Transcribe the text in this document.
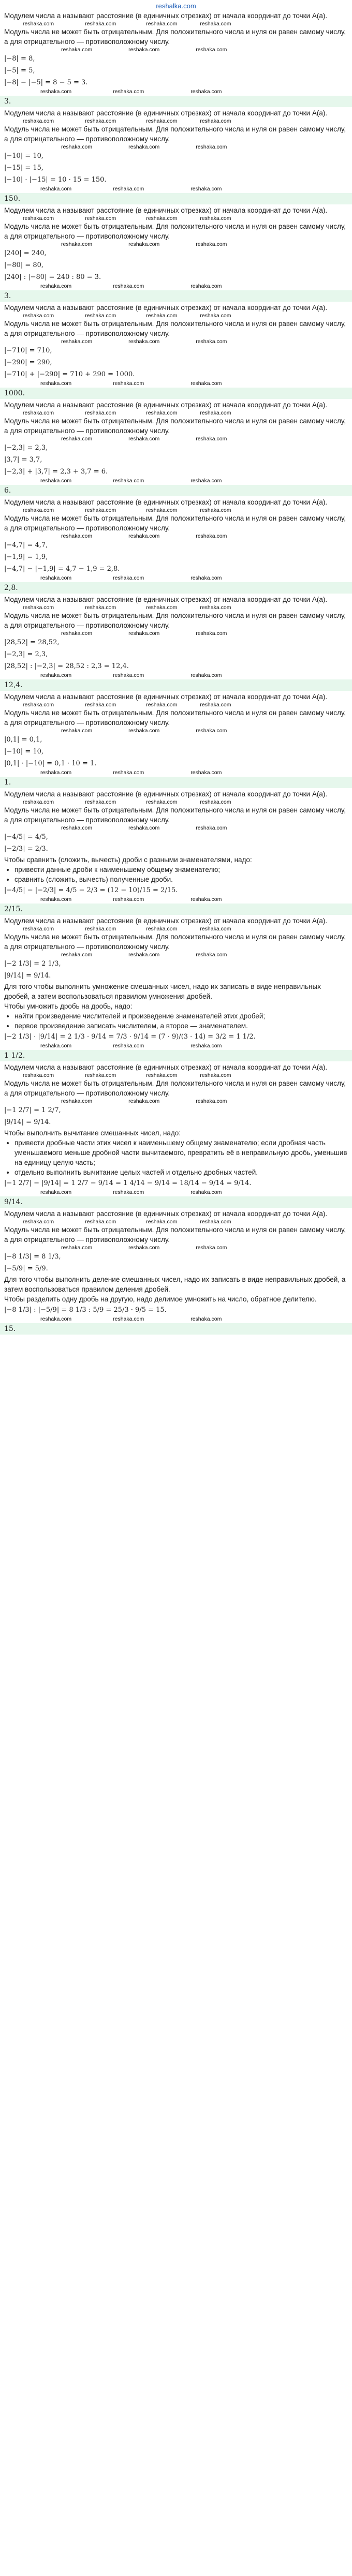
reshalka.com

Модулем числа a называют расстояние (в единичных отрезках) от начала координат до точки A(a).

reshaka.com	reshaka.com	reshaka.com	reshaka.com

Модуль числа не может быть отрицательным. Для положительного числа и нуля он равен самому числу, а для отрицательного — противоположному числу.

reshaka.com	reshaka.com	reshaka.com

|−8| = 8,

|−5| = 5,

|−8| − |−5| = 8 − 5 = 3.

reshaka.com	reshaka.com	reshaka.com
3.

Модулем числа a называют расстояние (в единичных отрезках) от начала координат до точки A(a).

reshaka.com	reshaka.com	reshaka.com	reshaka.com

Модуль числа не может быть отрицательным. Для положительного числа и нуля он равен самому числу, а для отрицательного — противоположному числу.

reshaka.com	reshaka.com	reshaka.com

|−10| = 10,

|−15| = 15,

|−10| · |−15| = 10 · 15 = 150.

reshaka.com	reshaka.com	reshaka.com
150.

Модулем числа a называют расстояние (в единичных отрезках) от начала координат до точки A(a).

reshaka.com	reshaka.com	reshaka.com	reshaka.com

Модуль числа не может быть отрицательным. Для положительного числа и нуля он равен самому числу, а для отрицательного — противоположному числу.

reshaka.com	reshaka.com	reshaka.com

|240| = 240,

|−80| = 80,

|240| : |−80| = 240 : 80 = 3.

reshaka.com	reshaka.com	reshaka.com
3.

Модулем числа a называют расстояние (в единичных отрезках) от начала координат до точки A(a).

reshaka.com	reshaka.com	reshaka.com	reshaka.com

Модуль числа не может быть отрицательным. Для положительного числа и нуля он равен самому числу, а для отрицательного — противоположному числу.

reshaka.com	reshaka.com	reshaka.com

|−710| = 710,

|−290| = 290,

|−710| + |−290| = 710 + 290 = 1000.

reshaka.com	reshaka.com	reshaka.com
1000.

Модулем числа a называют расстояние (в единичных отрезках) от начала координат до точки A(a).

reshaka.com	reshaka.com	reshaka.com	reshaka.com

Модуль числа не может быть отрицательным. Для положительного числа и нуля он равен самому числу, а для отрицательного — противоположному числу.

reshaka.com	reshaka.com	reshaka.com

|−2,3| = 2,3,

|3,7| = 3,7,

|−2,3| + |3,7| = 2,3 + 3,7 = 6.

reshaka.com	reshaka.com	reshaka.com
6.

Модулем числа a называют расстояние (в единичных отрезках) от начала координат до точки A(a).

reshaka.com	reshaka.com	reshaka.com	reshaka.com

Модуль числа не может быть отрицательным. Для положительного числа и нуля он равен самому числу, а для отрицательного — противоположному числу.

reshaka.com	reshaka.com	reshaka.com

|−4,7| = 4,7,

|−1,9| = 1,9,

|−4,7| − |−1,9| = 4,7 − 1,9 = 2,8.

reshaka.com	reshaka.com	reshaka.com
2,8.

Модулем числа a называют расстояние (в единичных отрезках) от начала координат до точки A(a).

reshaka.com	reshaka.com	reshaka.com	reshaka.com

Модуль числа не может быть отрицательным. Для положительного числа и нуля он равен самому числу, а для отрицательного — противоположному числу.

reshaka.com	reshaka.com	reshaka.com

|28,52| = 28,52,

|−2,3| = 2,3,

|28,52| : |−2,3| = 28,52 : 2,3 = 12,4.

reshaka.com	reshaka.com	reshaka.com
12,4.

Модулем числа a называют расстояние (в единичных отрезках) от начала координат до точки A(a).

reshaka.com	reshaka.com	reshaka.com	reshaka.com

Модуль числа не может быть отрицательным. Для положительного числа и нуля он равен самому числу, а для отрицательного — противоположному числу.

reshaka.com	reshaka.com	reshaka.com

|0,1| = 0,1,

|−10| = 10,

|0,1| · |−10| = 0,1 · 10 = 1.

reshaka.com	reshaka.com	reshaka.com
1.

Модулем числа a называют расстояние (в единичных отрезках) от начала координат до точки A(a).

reshaka.com	reshaka.com	reshaka.com	reshaka.com

Модуль числа не может быть отрицательным. Для положительного числа и нуля он равен самому числу, а для отрицательного — противоположному числу.

reshaka.com	reshaka.com	reshaka.com

|−4/5| = 4/5,

|−2/3| = 2/3.

Чтобы сравнить (сложить, вычесть) дроби с разными знаменателями, надо:

• привести данные дроби к наименьшему общему знаменателю;
• сравнить (сложить, вычесть) полученные дроби.

|−4/5| − |−2/3| = 4/5 − 2/3 = (12 − 10)/15 = 2/15.

reshaka.com	reshaka.com	reshaka.com
2/15.

Модулем числа a называют расстояние (в единичных отрезках) от начала координат до точки A(a).

reshaka.com	reshaka.com	reshaka.com	reshaka.com

Модуль числа не может быть отрицательным. Для положительного числа и нуля он равен самому числу, а для отрицательного — противоположному числу.

reshaka.com	reshaka.com	reshaka.com

|−2 1/3| = 2 1/3,

|9/14| = 9/14.

Для того чтобы выполнить умножение смешанных чисел, надо их записать в виде неправильных дробей, а затем воспользоваться правилом умножения дробей.

Чтобы умножить дробь на дробь, надо:

• найти произведение числителей и произведение знаменателей этих дробей;
• первое произведение записать числителем, а второе — знаменателем.

|−2 1/3| · |9/14| = 2 1/3 · 9/14 = 7/3 · 9/14 = (7 · 9)/(3 · 14) = 3/2 = 1 1/2.

reshaka.com	reshaka.com	reshaka.com
1 1/2.

Модулем числа a называют расстояние (в единичных отрезках) от начала координат до точки A(a).

reshaka.com	reshaka.com	reshaka.com	reshaka.com

Модуль числа не может быть отрицательным. Для положительного числа и нуля он равен самому числу, а для отрицательного — противоположному числу.

reshaka.com	reshaka.com	reshaka.com

|−1 2/7| = 1 2/7,

|9/14| = 9/14.

Чтобы выполнить вычитание смешанных чисел, надо:

• привести дробные части этих чисел к наименьшему общему знаменателю; если дробная часть уменьшаемого меньше дробной части вычитаемого, превратить её в неправильную дробь, уменьшив на единицу целую часть;
• отдельно выполнить вычитание целых частей и отдельно дробных частей.

|−1 2/7| − |9/14| = 1 2/7 − 9/14 = 1 4/14 − 9/14 = 18/14 − 9/14 = 9/14.

reshaka.com	reshaka.com	reshaka.com
9/14.

Модулем числа a называют расстояние (в единичных отрезках) от начала координат до точки A(a).

reshaka.com	reshaka.com	reshaka.com	reshaka.com

Модуль числа не может быть отрицательным. Для положительного числа и нуля он равен самому числу, а для отрицательного — противоположному числу.

reshaka.com	reshaka.com	reshaka.com

|−8 1/3| = 8 1/3,

|−5/9| = 5/9.

Для того чтобы выполнить деление смешанных чисел, надо их записать в виде неправильных дробей, а затем воспользоваться правилом деления дробей.

Чтобы разделить одну дробь на другую, надо делимое умножить на число, обратное делителю.

|−8 1/3| : |−5/9| = 8 1/3 : 5/9 = 25/3 · 9/5 = 15.

reshaka.com	reshaka.com	reshaka.com
15.
